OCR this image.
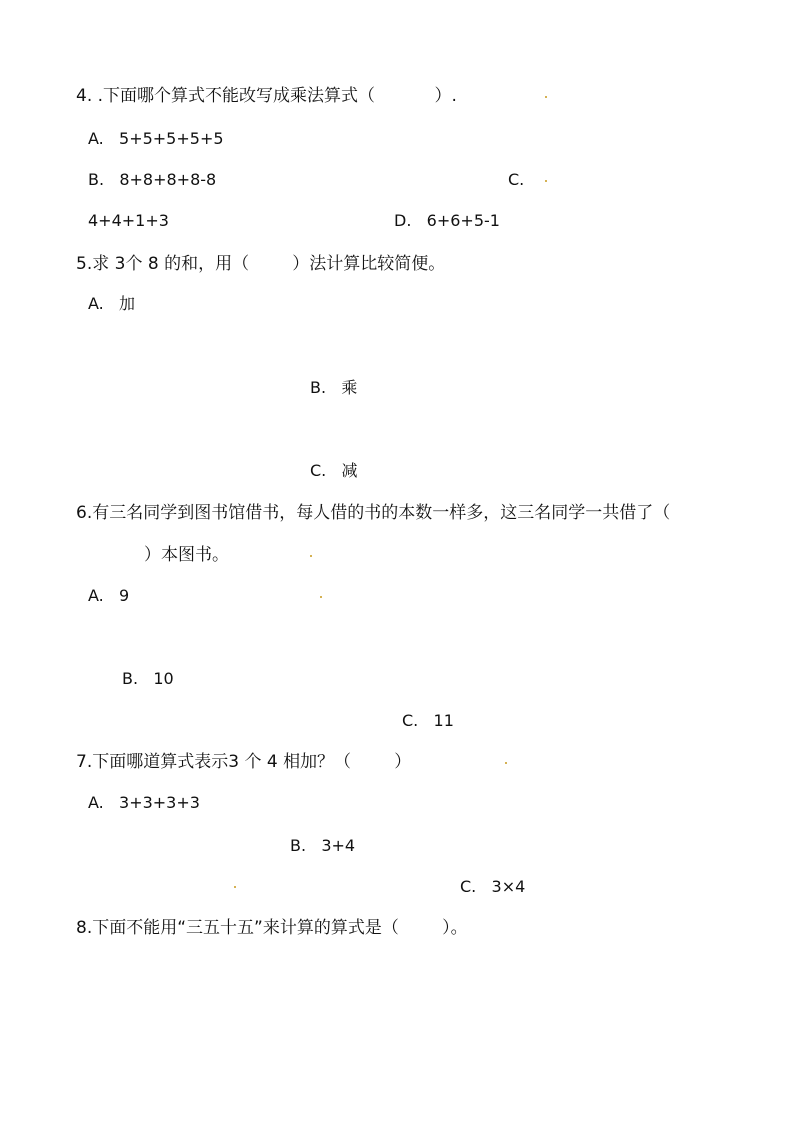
4. .下面哪个算式不能改写成乘法算式（           ）.
A.   5+5+5+5+5
B.   8+8+8+8-8	C.
4+4+1+3	D.   6+6+5-1
5.求 3个 8 的和，用（        ）法计算比较简便。
A.   加
B.   乘
C.   减
6.有三名同学到图书馆借书，每人借的书的本数一样多，这三名同学一共借了（
）本图书。
A.   9
B.   10
C.   11
7.下面哪道算式表示3 个 4 相加？（        ）
A.   3+3+3+3
B.   3+4
C.   3×4
8.下面不能用“三五十五”来计算的算式是（        ）。
